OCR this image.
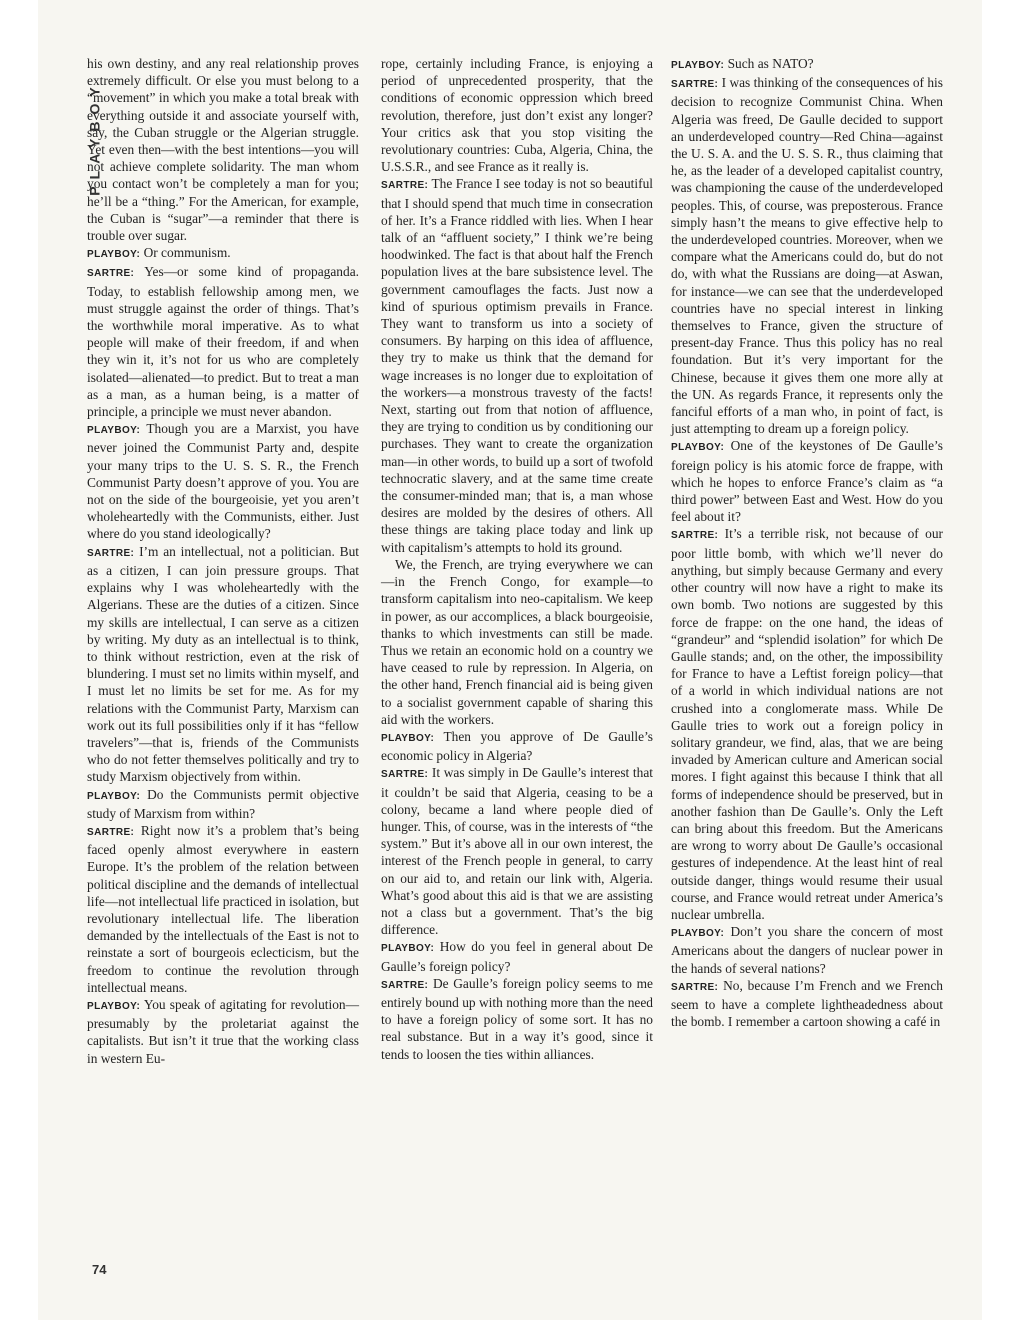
PLAYBOY
74

his own destiny, and any real relationship proves extremely difficult. Or else you must belong to a “movement” in which you make a total break with everything outside it and associate yourself with, say, the Cuban struggle or the Algerian struggle. Yet even then—with the best intentions—you will not achieve complete solidarity. The man whom you contact won’t be completely a man for you; he’ll be a “thing.” For the American, for example, the Cuban is “sugar”—a reminder that there is trouble over sugar.

PLAYBOY: Or communism.

SARTRE: Yes—or some kind of propaganda. Today, to establish fellowship among men, we must struggle against the order of things. That’s the worthwhile moral imperative. As to what people will make of their freedom, if and when they win it, it’s not for us who are completely isolated—alienated—to predict. But to treat a man as a man, as a human being, is a matter of principle, a principle we must never abandon.

PLAYBOY: Though you are a Marxist, you have never joined the Communist Party and, despite your many trips to the U. S. S. R., the French Communist Party doesn’t approve of you. You are not on the side of the bourgeoisie, yet you aren’t wholeheartedly with the Communists, either. Just where do you stand ideologically?

SARTRE: I’m an intellectual, not a politician. But as a citizen, I can join pressure groups. That explains why I was wholeheartedly with the Algerians. These are the duties of a citizen. Since my skills are intellectual, I can serve as a citizen by writing. My duty as an intellectual is to think, to think without restriction, even at the risk of blundering. I must set no limits within myself, and I must let no limits be set for me. As for my relations with the Communist Party, Marxism can work out its full possibilities only if it has “fellow travelers”—that is, friends of the Communists who do not fetter themselves politically and try to study Marxism objectively from within.

PLAYBOY: Do the Communists permit objective study of Marxism from within?

SARTRE: Right now it’s a problem that’s being faced openly almost everywhere in eastern Europe. It’s the problem of the relation between political discipline and the demands of intellectual life—not intellectual life practiced in isolation, but revolutionary intellectual life. The liberation demanded by the intellectuals of the East is not to reinstate a sort of bourgeois eclecticism, but the freedom to continue the revolution through intellectual means.

PLAYBOY: You speak of agitating for revolution—presumably by the proletariat against the capitalists. But isn’t it true that the working class in western Eu-

rope, certainly including France, is enjoying a period of unprecedented prosperity, that the conditions of economic oppression which breed revolution, therefore, just don’t exist any longer? Your critics ask that you stop visiting the revolutionary countries: Cuba, Algeria, China, the U.S.S.R., and see France as it really is.

SARTRE: The France I see today is not so beautiful that I should spend that much time in consecration of her. It’s a France riddled with lies. When I hear talk of an “affluent society,” I think we’re being hoodwinked. The fact is that about half the French population lives at the bare subsistence level. The government camouflages the facts. Just now a kind of spurious optimism prevails in France. They want to transform us into a society of consumers. By harping on this idea of affluence, they try to make us think that the demand for wage increases is no longer due to exploitation of the workers—a monstrous travesty of the facts! Next, starting out from that notion of affluence, they are trying to condition us by conditioning our purchases. They want to create the organization man—in other words, to build up a sort of twofold technocratic slavery, and at the same time create the consumer-minded man; that is, a man whose desires are molded by the desires of others. All these things are taking place today and link up with capitalism’s attempts to hold its ground.

We, the French, are trying everywhere we can—in the French Congo, for example—to transform capitalism into neo-capitalism. We keep in power, as our accomplices, a black bourgeoisie, thanks to which investments can still be made. Thus we retain an economic hold on a country we have ceased to rule by repression. In Algeria, on the other hand, French financial aid is being given to a socialist government capable of sharing this aid with the workers.

PLAYBOY: Then you approve of De Gaulle’s economic policy in Algeria?

SARTRE: It was simply in De Gaulle’s interest that it couldn’t be said that Algeria, ceasing to be a colony, became a land where people died of hunger. This, of course, was in the interests of “the system.” But it’s above all in our own interest, the interest of the French people in general, to carry on our aid to, and retain our link with, Algeria. What’s good about this aid is that we are assisting not a class but a government. That’s the big difference.

PLAYBOY: How do you feel in general about De Gaulle’s foreign policy?

SARTRE: De Gaulle’s foreign policy seems to me entirely bound up with nothing more than the need to have a foreign policy of some sort. It has no real substance. But in a way it’s good, since it tends to loosen the ties within alliances.

PLAYBOY: Such as NATO?

SARTRE: I was thinking of the consequences of his decision to recognize Communist China. When Algeria was freed, De Gaulle decided to support an underdeveloped country—Red China—against the U. S. A. and the U. S. S. R., thus claiming that he, as the leader of a developed capitalist country, was championing the cause of the underdeveloped peoples. This, of course, was preposterous. France simply hasn’t the means to give effective help to the underdeveloped countries. Moreover, when we compare what the Americans could do, but do not do, with what the Russians are doing—at Aswan, for instance—we can see that the underdeveloped countries have no special interest in linking themselves to France, given the structure of present-day France. Thus this policy has no real foundation. But it’s very important for the Chinese, because it gives them one more ally at the UN. As regards France, it represents only the fanciful efforts of a man who, in point of fact, is just attempting to dream up a foreign policy.

PLAYBOY: One of the keystones of De Gaulle’s foreign policy is his atomic force de frappe, with which he hopes to enforce France’s claim as “a third power” between East and West. How do you feel about it?

SARTRE: It’s a terrible risk, not because of our poor little bomb, with which we’ll never do anything, but simply because Germany and every other country will now have a right to make its own bomb. Two notions are suggested by this force de frappe: on the one hand, the ideas of “grandeur” and “splendid isolation” for which De Gaulle stands; and, on the other, the impossibility for France to have a Leftist foreign policy—that of a world in which individual nations are not crushed into a conglomerate mass. While De Gaulle tries to work out a foreign policy in solitary grandeur, we find, alas, that we are being invaded by American culture and American social mores. I fight against this because I think that all forms of independence should be preserved, but in another fashion than De Gaulle’s. Only the Left can bring about this freedom. But the Americans are wrong to worry about De Gaulle’s occasional gestures of independence. At the least hint of real outside danger, things would resume their usual course, and France would retreat under America’s nuclear umbrella.

PLAYBOY: Don’t you share the concern of most Americans about the dangers of nuclear power in the hands of several nations?

SARTRE: No, because I’m French and we French seem to have a complete lightheadedness about the bomb. I remember a cartoon showing a café in
